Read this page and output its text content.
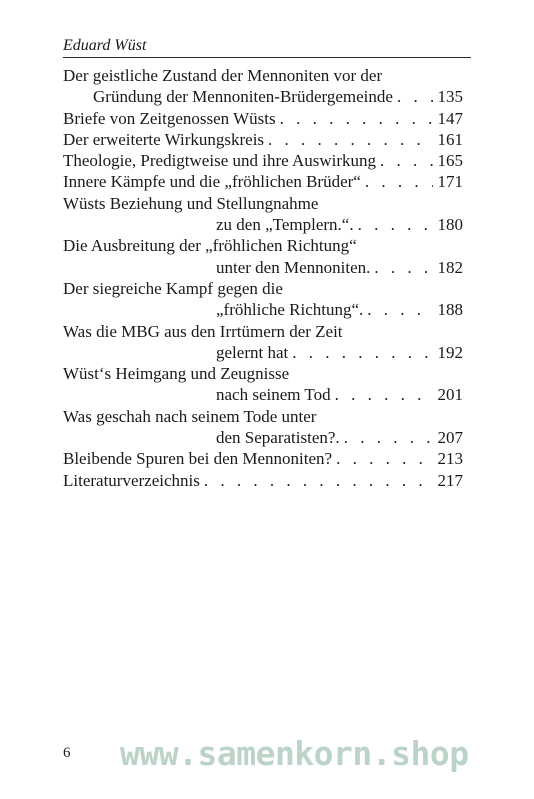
Eduard Wüst
Der geistliche Zustand der Mennoniten vor der
Gründung der Mennoniten-Brüdergemeinde . . .	135
Briefe von Zeitgenossen Wüsts . . .	147
Der erweiterte Wirkungskreis . . .	161
Theologie, Predigtweise und ihre Auswirkung . . .	165
Innere Kämpfe und die „fröhlichen Brüder“ . . .	171
Wüsts Beziehung und Stellungnahme
zu den „Templern.“. . . .	180
Die Ausbreitung der „fröhlichen Richtung“
unter den Mennoniten. . . .	182
Der siegreiche Kampf gegen die
„fröhliche Richtung“. . . .	188
Was die MBG aus den Irrtümern der Zeit
gelernt hat . . .	192
Wüst‘s Heimgang und Zeugnisse
nach seinem Tod . . .	201
Was geschah nach seinem Tode unter
den Separatisten?. . . .	207
Bleibende Spuren bei den Mennoniten? . . .	213
Literaturverzeichnis . . .	217
6 www.samenkorn.shop
